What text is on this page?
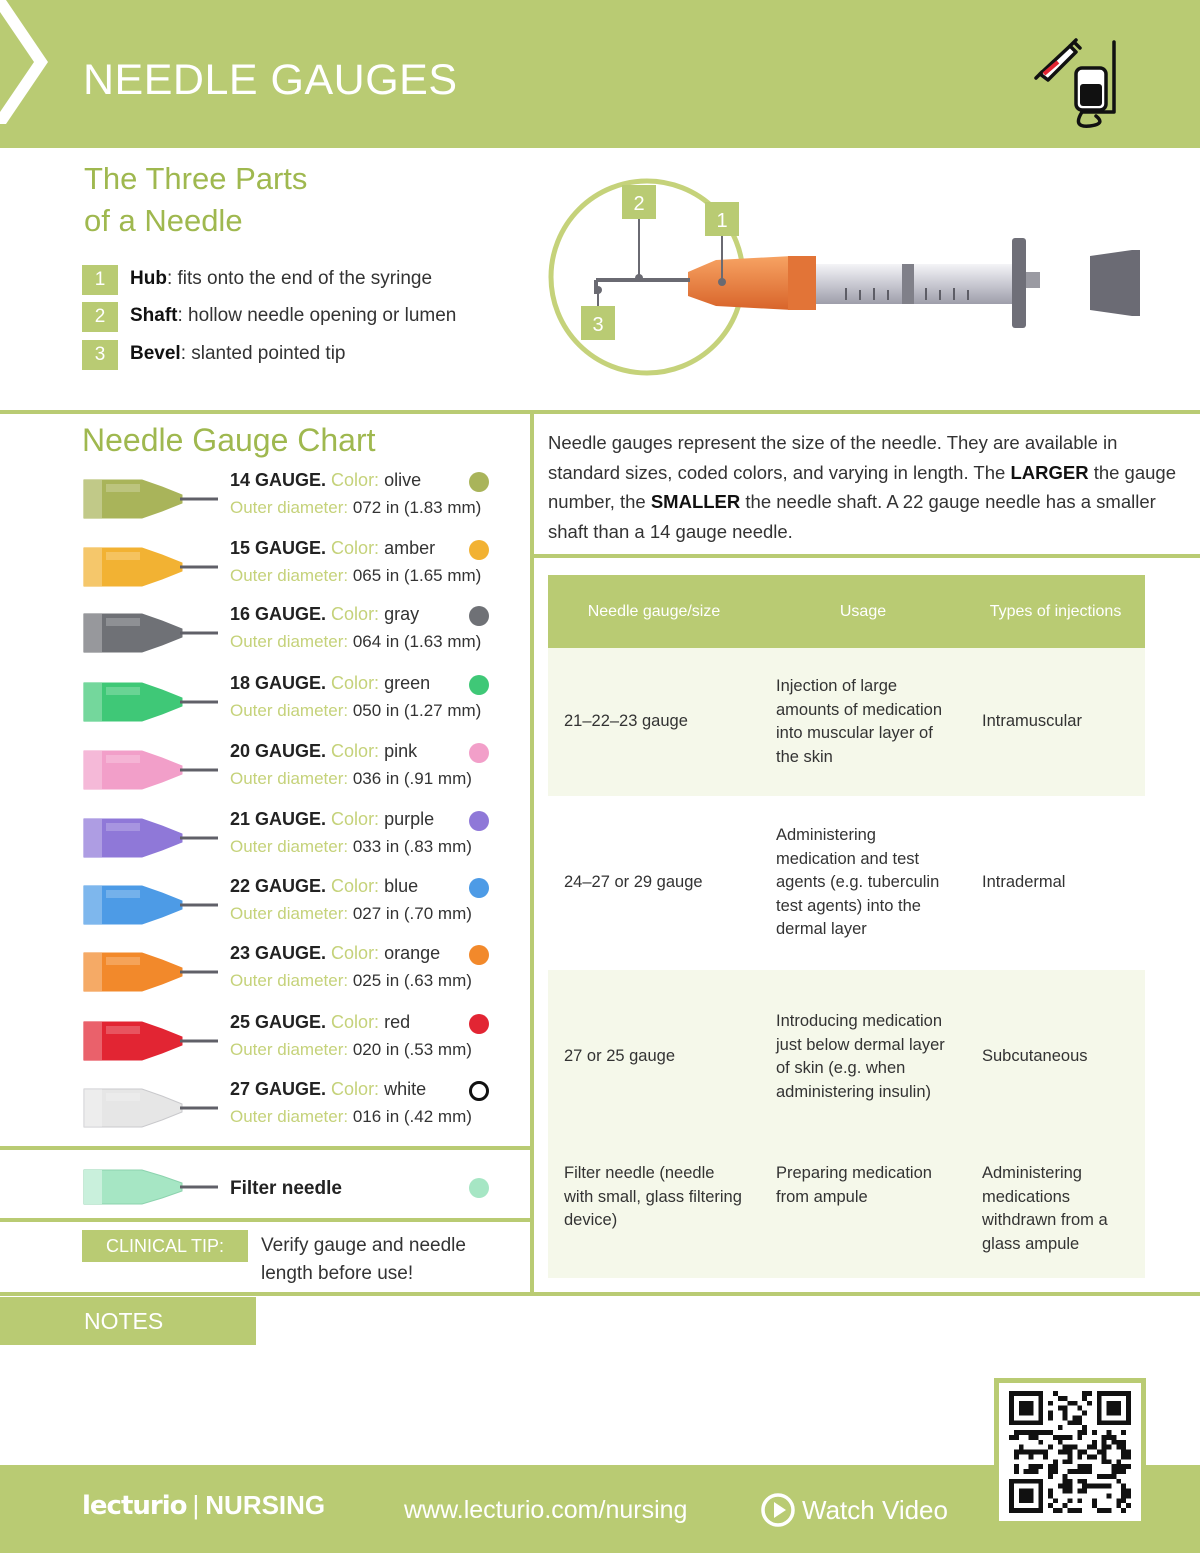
NEEDLE GAUGES
The Three Parts
of a Needle
1	Hub: fits onto the end of the syringe
2	Shaft: hollow needle opening or lumen
3	Bevel: slanted pointed tip
2
1
3
Needle Gauge Chart
14 GAUGE. Color: olive
Outer diameter: 072 in (1.83 mm)
15 GAUGE. Color: amber
Outer diameter: 065 in (1.65 mm)
16 GAUGE. Color: gray
Outer diameter: 064 in (1.63 mm)
18 GAUGE. Color: green
Outer diameter: 050 in (1.27 mm)
20 GAUGE. Color: pink
Outer diameter: 036 in (.91 mm)
21 GAUGE. Color: purple
Outer diameter: 033 in (.83 mm)
22 GAUGE. Color: blue
Outer diameter: 027 in (.70 mm)
23 GAUGE. Color: orange
Outer diameter: 025 in (.63 mm)
25 GAUGE. Color: red
Outer diameter: 020 in (.53 mm)
27 GAUGE. Color: white
Outer diameter: 016 in (.42 mm)
Filter needle
CLINICAL TIP:	Verify gauge and needle length before use!
NOTES
Needle gauges represent the size of the needle. They are available in standard sizes, coded colors, and varying in length. The LARGER the gauge number, the SMALLER the needle shaft. A 22 gauge needle has a smaller shaft than a 14 gauge needle.
Needle gauge/size	Usage	Types of injections
21–22–23 gauge	Injection of large amounts of medication into muscular layer of the skin	Intramuscular
24–27 or 29 gauge	Administering medication and test agents (e.g. tuberculin test agents) into the dermal layer	Intradermal
27 or 25 gauge	Introducing medication just below dermal layer of skin (e.g. when administering insulin)	Subcutaneous
Filter needle (needle with small, glass filtering device)	Preparing medication from ampule	Administering medications withdrawn from a glass ampule
lecturio | NURSING	www.lecturio.com/nursing	Watch Video
